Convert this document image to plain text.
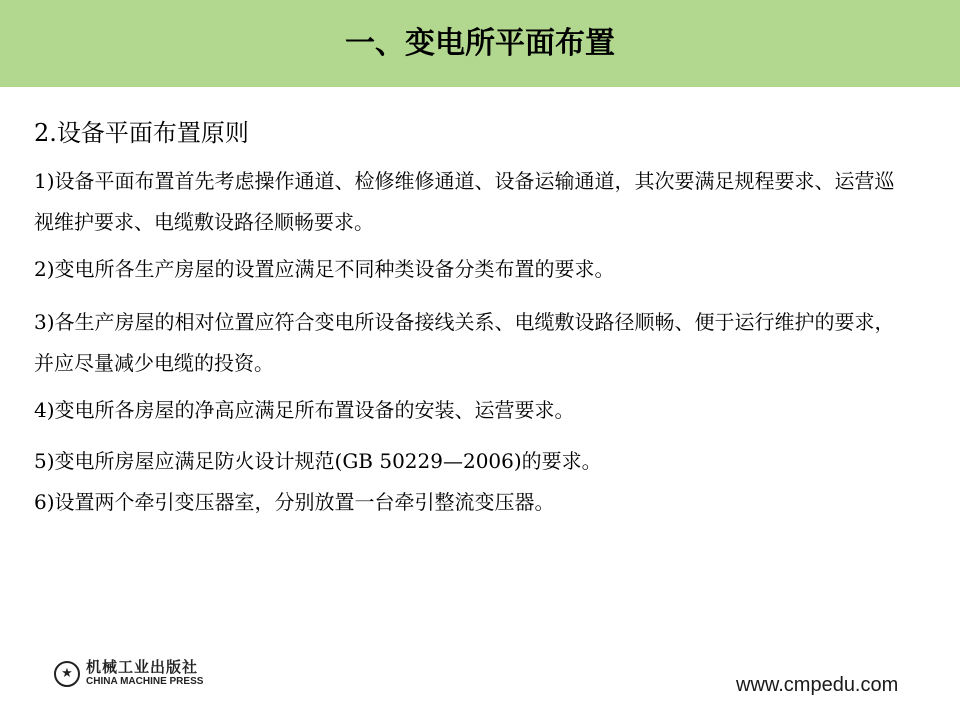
一、变电所平面布置
2.设备平面布置原则
1)设备平面布置首先考虑操作通道、检修维修通道、设备运输通道，其次要满足规程要求、运营巡视维护要求、电缆敷设路径顺畅要求。
2)变电所各生产房屋的设置应满足不同种类设备分类布置的要求。
3)各生产房屋的相对位置应符合变电所设备接线关系、电缆敷设路径顺畅、便于运行维护的要求，并应尽量减少电缆的投资。
4)变电所各房屋的净高应满足所布置设备的安装、运营要求。
5)变电所房屋应满足防火设计规范(GB 50229—2006)的要求。
6)设置两个牵引变压器室，分别放置一台牵引整流变压器。
★ 机械工业出版社
CHINA MACHINE PRESS	www.cmpedu.com
